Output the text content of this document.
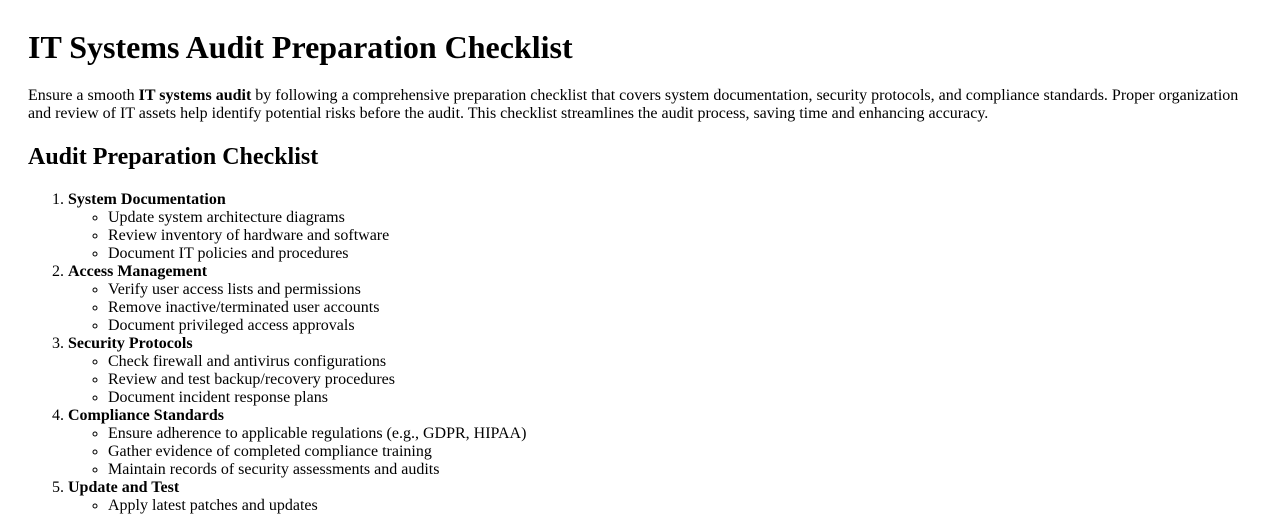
IT Systems Audit Preparation Checklist

Ensure a smooth IT systems audit by following a comprehensive preparation checklist that covers system documentation, security protocols, and compliance standards. Proper organization and review of IT assets help identify potential risks before the audit. This checklist streamlines the audit process, saving time and enhancing accuracy.

Audit Preparation Checklist
1. System Documentation
◦ Update system architecture diagrams
◦ Review inventory of hardware and software
◦ Document IT policies and procedures
2. Access Management
◦ Verify user access lists and permissions
◦ Remove inactive/terminated user accounts
◦ Document privileged access approvals
3. Security Protocols
◦ Check firewall and antivirus configurations
◦ Review and test backup/recovery procedures
◦ Document incident response plans
4. Compliance Standards
◦ Ensure adherence to applicable regulations (e.g., GDPR, HIPAA)
◦ Gather evidence of completed compliance training
◦ Maintain records of security assessments and audits
5. Update and Test
◦ Apply latest patches and updates
